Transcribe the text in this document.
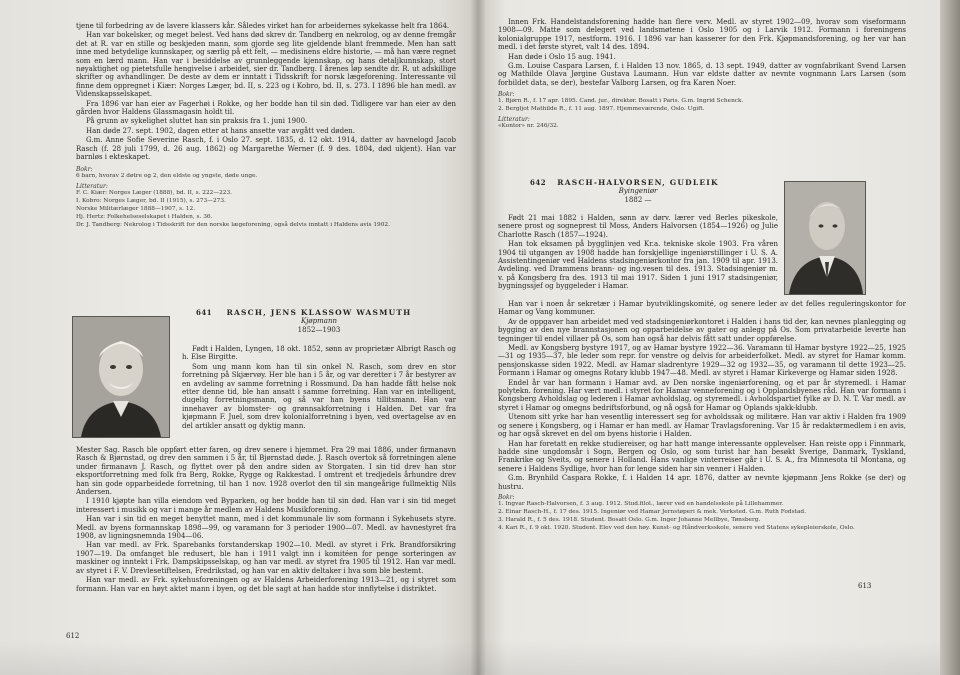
tjene til forbedring av de lavere klassers kår. Således virket han for arbeidernes sykekasse helt fra 1864.

Han var bokelsker, og meget belest. Ved hans død skrev dr. Tandberg en nekrolog, og av denne fremgår det at R. var en stille og beskjeden mann, som gjorde seg lite gjeldende blant fremmede. Men han satt inne med betydelige kunnskaper, og særlig på ett felt, — medisinens eldre historie, — må han være regnet som en lærd mann. Han var i besiddelse av grunnleggende kjennskap, og hans detaljkunnskap, stort nøyaktighet og pietetsfulle hengivelse i arbeidet, sier dr. Tandberg. I årenes løp sendte dr. R. ut adskillige skrifter og avhandlinger. De deste av dem er inntatt i Tidsskrift for norsk lægeforening. Interessante vil finne dem oppregnet i Kiær: Norges Læger, bd. II, s. 223 og i Kobro, bd. II, s. 273. I 1896 ble han medl. av Videnskapsselskapet.

Fra 1896 var han eier av Fagerhøi i Rokke, og her bodde han til sin død. Tidligere var han eier av den gården hvor Haldens Glassmagasin holdt til.

På grunn av sykelighet sluttet han sin praksis fra 1. juni 1900.

Han døde 27. sept. 1902, dagen etter at hans ansette var avgått ved døden.

G.m. Anne Sofie Severine Rasch, f. i Oslo 27. sept. 1835, d. 12 okt. 1914, datter av havnelogd Jacob Rasch (f. 28 juli 1799, d. 26 aug. 1862) og Margarethe Werner (f. 9 des. 1804, død ukjent). Han var barnløs i ekteskapet.

Bokr:

6 barn, hvorav 2 døtre og 2, den eldste og yngste, døde unge.

Litteratur:

F. C. Kiær: Norges Læger (1888), bd. II, s. 222—223.

I. Kobro: Norges Læger, bd. II (1915), s. 273—273.

Norske Militærlæger 1888—1907, s. 12.

Hj. Hertz: Folkehelseselskapet i Halden, s. 36.

Dr. J. Tandberg: Nekrolog i Tidsskrift for den norske lægeforening, også delvis inntatt i Haldens avis 1902.

641	RASCH, JENS KLASSOW WASMUTH
Kjøpmann
1852—1903

Født i Halden, Lyngen, 18 okt. 1852, sønn av proprietær Albrigt Rasch og h. Else Birgitte.

Som ung mann kom han til sin onkel N. Rasch, som drev en stor forretning på Skjærvøy. Her ble han i 5 år, og var deretter i 7 år bestyrer av en avdeling av samme forretning i Rossmund. Da han hadde fått helse nok etter denne tid, ble han ansatt i samme forretning. Han var en intelligent, dugelig forretningsmann, og så var han byens tillitsmann. Han var innehaver av blomster- og grønnsakforretning i Halden. Det var fra kjøpmann F. Juel, som drev kolonialforretning i byen, ved overtagelse av en del artikler ansatt og dyktig mann.

Mester Sag. Rasch ble oppført etter faren, og drev senere i hjemmet. Fra 29 mai 1886, under firmanavn Rasch & Bjørnstad, og drev den sammen i 5 år, til Bjørnstad døde. J. Rasch overtok så forretningen alene under firmanavn J. Rasch, og flyttet over på den andre siden av Storgaten. I sin tid drev han stor eksportforretning med folk fra Berg, Rokke, Rygge og Rakkestad. I omtrent et tredjedels århundre drev han sin gode opparbeidede forretning, til han 1 nov. 1928 overlot den til sin mangeårige fullmektig Nils Andersen.

I 1910 kjøpte han villa eiendom ved Byparken, og her bodde han til sin død. Han var i sin tid meget interessert i musikk og var i mange år medlem av Haldens Musikforening.

Han var i sin tid en meget benyttet mann, med i det kommunale liv som formann i Sykehusets styre. Medl. av byens formannskap 1898—99, og varamann for 3 perioder 1900—07. Medl. av havnestyret fra 1908, av ligningsnemnda 1904—06.

Han var medl. av Frk. Sparebanks forstanderskap 1902—10. Medl. av styret i Frk. Brandforsikring 1907—19. Da omfanget ble redusert, ble han i 1911 valgt inn i komitéen for penge sorteringen av maskiner og inntekt i Frk. Dampskipsselskap, og han var medl. av styret fra 1905 til 1912. Han var medl. av styret i F. V. Drevlesetiftelsen, Fredrikstad, og han var en aktiv deltaker i hva som ble bestemt.

Han var medl. av Frk. sykehusforeningen og av Haldens Arbeiderforening 1913—21, og i styret som formann. Han var en høyt aktet mann i byen, og det ble sagt at han hadde stor innflytelse i distriktet.

612

Innen Frk. Handelstandsforening hadde han flere verv. Medl. av styret 1902—09, hvorav som viseformann 1908—09. Matte som delegert ved landsmøtene i Oslo 1905 og i Larvik 1912. Formann i foreningens kolonialgruppe 1917, nestform. 1916. I 1896 var han kasserer for den Frk. Kjøpmandsforening, og her var han medl. i det første styret, valt 14 des. 1894.

Han døde i Oslo 15 aug. 1941.

G.m. Louise Caspara Larsen, f. i Halden 13 nov. 1865, d. 13 sept. 1949, datter av vognfabrikant Svend Larsen og Mathilde Olava Jørgine Gustava Laumann. Hun var eldste datter av nevnte vognmann Lars Larsen (som forbildet data, se der), bestefar Valborg Larsen, og fra Karen Noer.

Bokr:

1. Bjørn R., f. 17 apr. 1895. Cand. jur., direktør. Bosatt i Paris. G.m. Ingrid Schenck.

2. Bergljot Mathilde R., f. 11 aug. 1897. Hjemmeværende, Oslo. Ugift.

Litteratur:

«Kontor» nr. 246/32.

642	RASCH-HALVORSEN, GUDLEIK
Byingeniør
1882 —

Født 21 mai 1882 i Halden, sønn av dørv. lærer ved Berles pikeskole, senere prost og sogneprest til Moss, Anders Halvorsen (1854—1926) og Julie Charlotte Rasch (1857—1924).

Han tok eksamen på bygglinjen ved Kr.a. tekniske skole 1903. Fra våren 1904 til utgangen av 1908 hadde han forskjellige ingeniørstillinger i U. S. A. Assistentingeniør ved Haldens stadsingeniørkontor fra jan. 1909 til apr. 1913. Avdeling. ved Drammens brann- og ing.vesen til des. 1913. Stadsingeniør m. v. på Kongsberg fra des. 1913 til mai 1917. Siden 1 juni 1917 stadsingeniør, bygningssjef og byggeleder i Hamar.

Han var i noen år sekretær i Hamar byutviklingskomité, og senere leder av det felles reguleringskontor for Hamar og Vang kommuner.

Av de oppgaver han arbeidet med ved stadsingeniørkontoret i Halden i hans tid der, kan nevnes planlegging og bygging av den nye brannstasjonen og opparbeidelse av gater og anlegg på Os. Som privatarbeide leverte han tegninger til endel villaer på Os, som han også har delvis fått satt under oppførelse.

Medl. av Kongsberg bystyre 1917, og av Hamar bystyre 1922—36. Varamann til Hamar bystyre 1922—25, 1925—31 og 1935—37, ble leder som repr. for venstre og delvis for arbeiderfolket. Medl. av styret for Hamar komm. pensjonskasse siden 1922. Medl. av Hamar sladrentyre 1929—32 og 1932—35, og varamann til dette 1923—25. Formann i Hamar og omegns Rotary klubb 1947—48. Medl. av styret i Hamar Kirkeverge og Hamar siden 1928.

Endel år var han formann i Hamar avd. av Den norske ingeniørforening, og et par år styremedl. i Hamar polytekn. forening. Har vært medl. i styret for Hamar venneforening og i Opplandsbyenes råd. Han var formann i Kongsberg Avholdslag og lederen i Hamar avholdslag, og styremedl. i Avholdspartiet fylke av D. N. T. Var medl. av styret i Hamar og omegns bedriftsforbund, og nå også for Hamar og Oplands sjakk-klubb.

Utenom sitt yrke har han vesentlig interessert seg for avholdssak og militære. Han var aktiv i Halden fra 1909 og senere i Kongsberg, og i Hamar er han medl. av Hamar Travlagsforening. Var 15 år redaktørmedlem i en avis, og har også skrevet en del om byens historie i Halden.

Han har foretatt en rekke studiereiser, og har hatt mange interessante opplevelser. Han reiste opp i Finnmark, hadde sine ungdomsår i Sogn, Bergen og Oslo, og som turist har han besøkt Sverige, Danmark, Tyskland, Frankrike og Sveits, og senere i Holland. Hans vanlige vinterreiser går i U. S. A., fra Minnesota til Montana, og senere i Haldens Sydlige, hvor han for lenge siden har sin venner i Halden.

G.m. Brynhild Caspara Rokke, f. i Halden 14 apr. 1876, datter av nevnte kjøpmann Jens Rokke (se der) og hustru.

Bokr:

1. Ingvar Rasch-Halvorsen, f. 3 aug. 1912. Stud.filol., lærer ved en handelsskole på Lillehammer.

2. Einar Rasch-H., f. 17 des. 1915. Ingeniør ved Hamar Jernstøperi & mek. Verksted. G.m. Ruth Fodstad.

3. Harald R., f. 5 des. 1918. Student. Bosatt Oslo. G.m. Inger Johanne Mellbye, Tønsberg.

4. Kari R., f. 9 okt. 1920. Student. Elev ved den høy. Kunst- og Håndverksskole, senere ved Statens sykepleierskole, Oslo.

613
